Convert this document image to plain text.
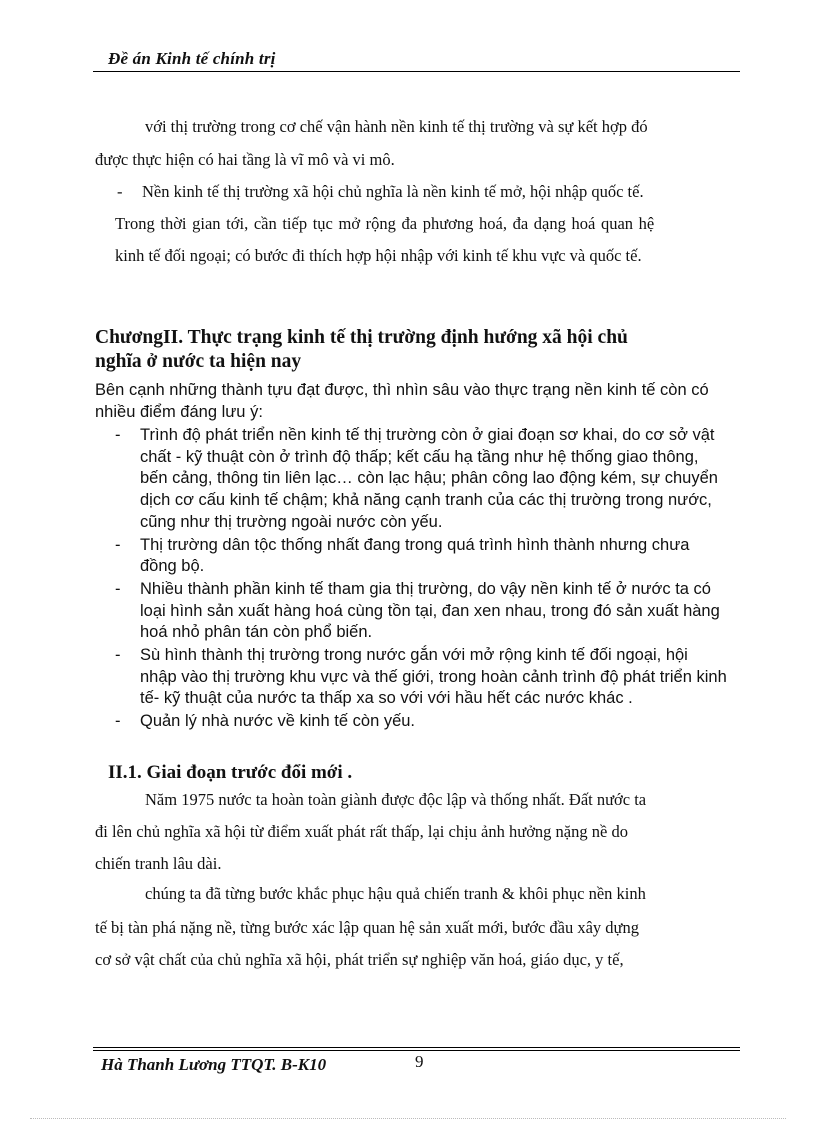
Đề án Kinh tế chính trị
với thị trường trong cơ chế vận hành nền kinh tế thị trường và sự kết hợp đó
được thực hiện có hai tầng là vĩ mô và vi mô.
- Nền kinh tế thị trường xã hội chủ nghĩa là nền kinh tế mở, hội nhập quốc tế.
Trong thời gian tới, cần tiếp tục mở rộng đa phương hoá, đa dạng hoá quan hệ
kinh tế đối ngoại; có bước đi thích hợp hội nhập với kinh tế khu vực và quốc tế.
ChươngII. Thực trạng kinh tế thị trường định hướng xã hội chủ
nghĩa ở nước ta hiện nay
Bên cạnh những thành tựu đạt được, thì nhìn sâu vào thực trạng nền kinh tế còn có
nhiều điểm đáng lưu ý:
- Trình độ phát triển nền kinh tế thị trường còn ở giai đoạn sơ khai, do cơ sở vật chất - kỹ thuật còn ở trình độ thấp; kết cấu hạ tầng như hệ thống giao thông, bến cảng, thông tin liên lạc… còn lạc hậu; phân công lao động kém, sự chuyển dịch cơ cấu kinh tế chậm; khả năng cạnh tranh của các thị trường trong nước, cũng như thị trường ngoài nước còn yếu.
- Thị trường dân tộc thống nhất đang trong quá trình hình thành nhưng chưa đồng bộ.
- Nhiều thành phần kinh tế tham gia thị trường, do vậy nền kinh tế ở nước ta có loại hình sản xuất hàng hoá cùng tồn tại, đan xen nhau, trong đó sản xuất hàng hoá nhỏ phân tán còn phổ biến.
- Sù hình thành thị trường trong nước gắn với mở rộng kinh tế đối ngoại, hội nhập vào thị trường khu vực và thế giới, trong hoàn cảnh trình độ phát triển kinh tế- kỹ thuật của nước ta thấp xa so với với hầu hết các nước khác .
- Quản lý nhà nước về kinh tế còn yếu.
II.1. Giai đoạn trước đổi mới .
Năm 1975 nước ta hoàn toàn giành được độc lập và thống nhất. Đất nước ta
đi lên chủ nghĩa xã hội từ điểm xuất phát rất thấp, lại chịu ảnh hưởng nặng nề do
chiến tranh lâu dài.
chúng ta đã từng bước khắc phục hậu quả chiến tranh & khôi phục nền kinh
tế bị tàn phá nặng nề, từng bước xác lập quan hệ sản xuất mới, bước đầu xây dựng
cơ sở vật chất của chủ nghĩa xã hội, phát triển sự nghiệp văn hoá, giáo dục, y tế,
Hà Thanh Lương TTQT. B-K10	9
